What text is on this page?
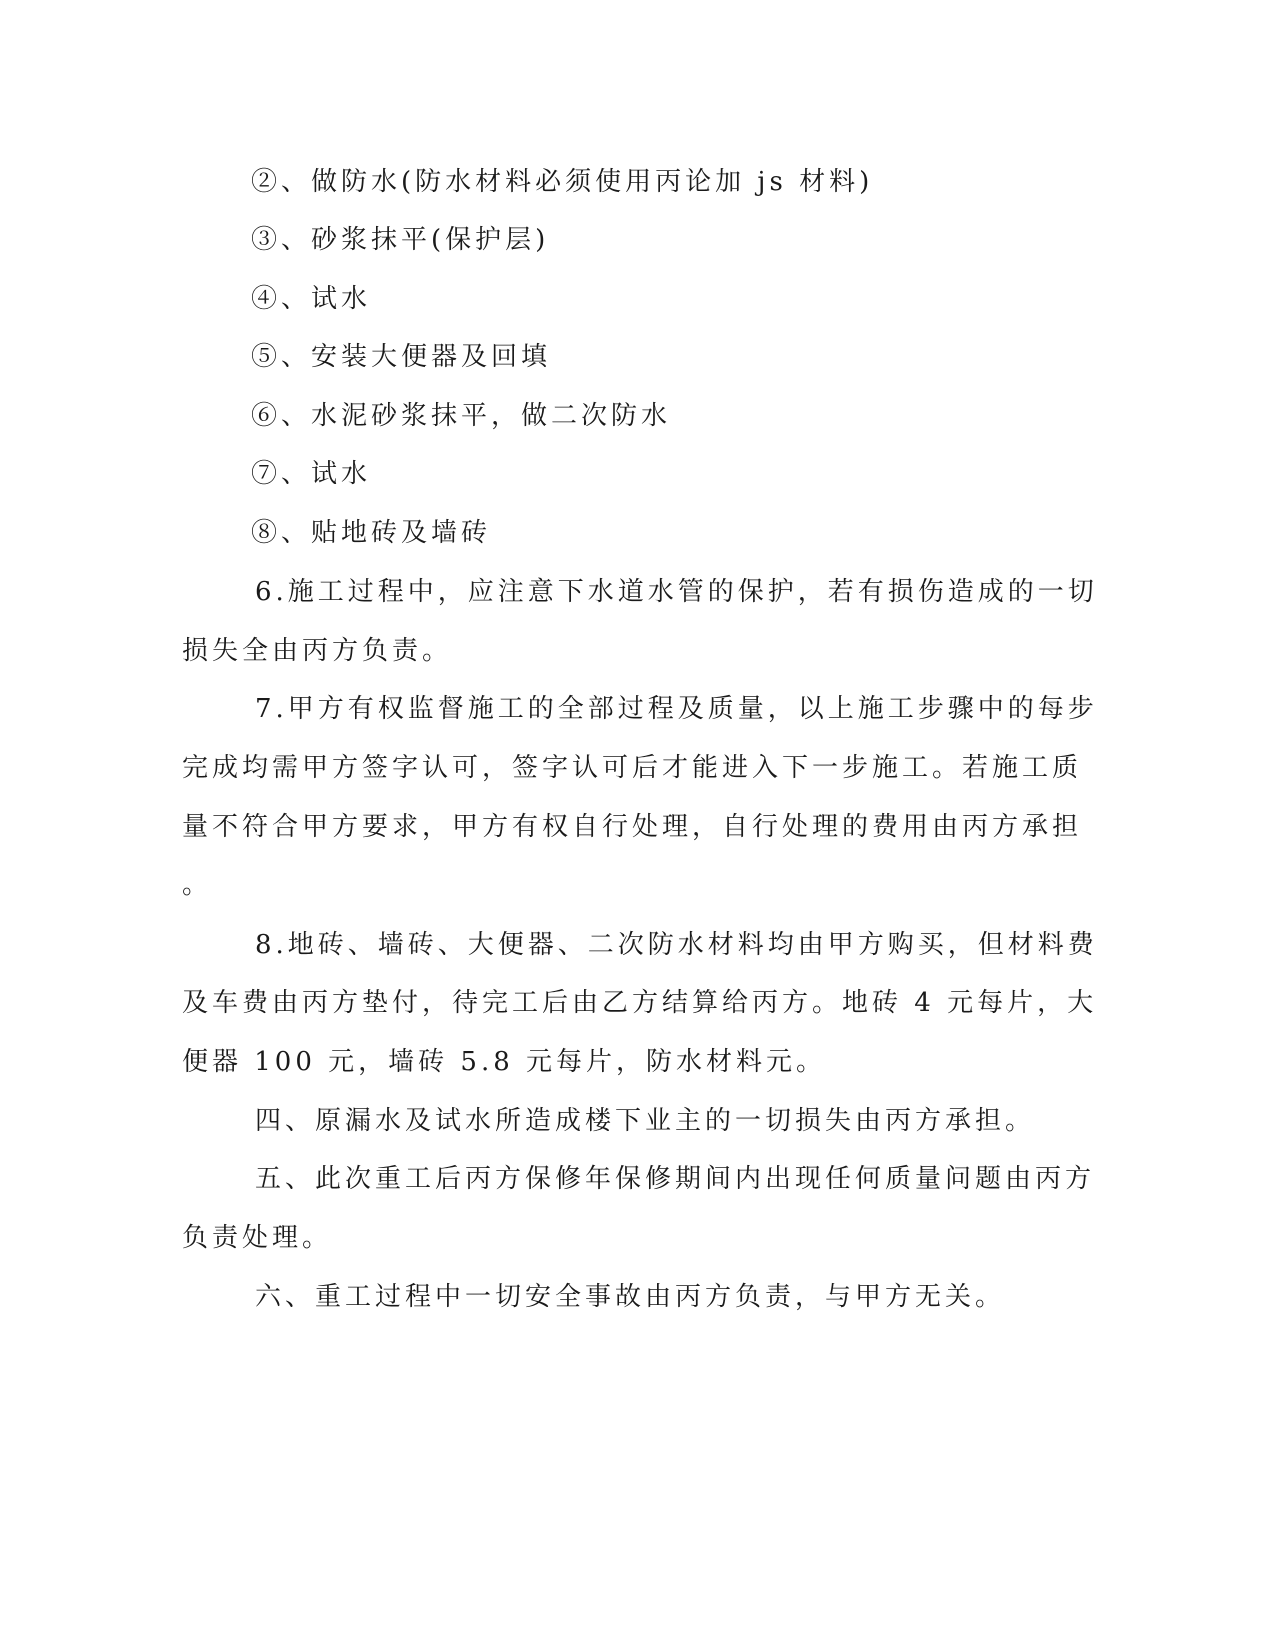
②、做防水(防水材料必须使用丙论加 js 材料)
③、砂浆抹平(保护层)
④、试水
⑤、安装大便器及回填
⑥、水泥砂浆抹平，做二次防水
⑦、试水
⑧、贴地砖及墙砖
6.施工过程中，应注意下水道水管的保护，若有损伤造成的一切
损失全由丙方负责。
7.甲方有权监督施工的全部过程及质量，以上施工步骤中的每步
完成均需甲方签字认可，签字认可后才能进入下一步施工。若施工质
量不符合甲方要求，甲方有权自行处理，自行处理的费用由丙方承担
。
8.地砖、墙砖、大便器、二次防水材料均由甲方购买，但材料费
及车费由丙方垫付，待完工后由乙方结算给丙方。地砖 4 元每片，大
便器 100 元，墙砖 5.8 元每片，防水材料元。
四、原漏水及试水所造成楼下业主的一切损失由丙方承担。
五、此次重工后丙方保修年保修期间内出现任何质量问题由丙方
负责处理。
六、重工过程中一切安全事故由丙方负责，与甲方无关。
